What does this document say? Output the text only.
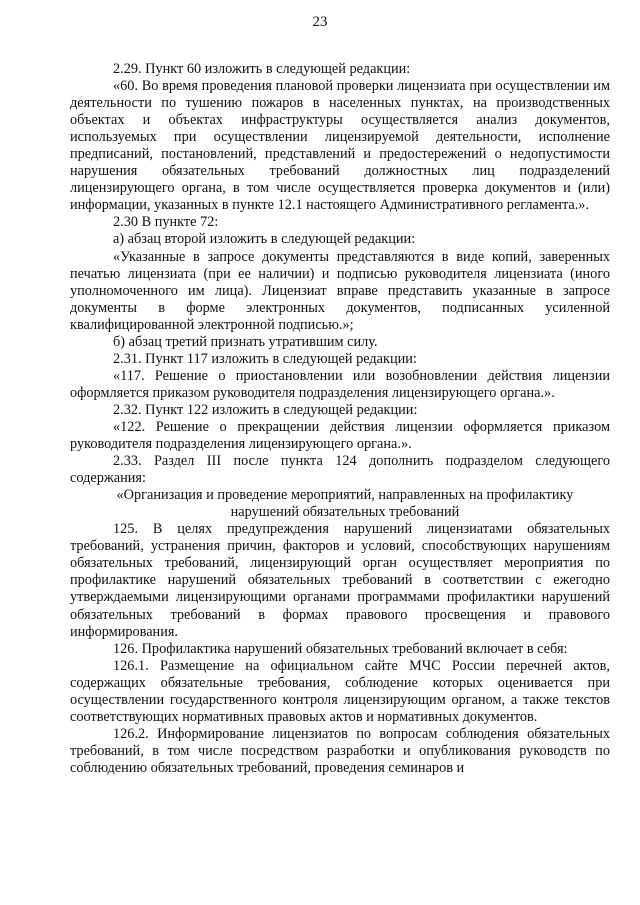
23

2.29. Пункт 60 изложить в следующей редакции:

«60. Во время проведения плановой проверки лицензиата при осуществлении им деятельности по тушению пожаров в населенных пунктах, на производственных объектах и объектах инфраструктуры осуществляется анализ документов, используемых при осуществлении лицензируемой деятельности, исполнение предписаний, постановлений, представлений и предостережений о недопустимости нарушения обязательных требований должностных лиц подразделений лицензирующего органа, в том числе осуществляется проверка документов и (или) информации, указанных в пункте 12.1 настоящего Административного регламента.».

2.30 В пункте 72:

а) абзац второй изложить в следующей редакции:

«Указанные в запросе документы представляются в виде копий, заверенных печатью лицензиата (при ее наличии) и подписью руководителя лицензиата (иного уполномоченного им лица). Лицензиат вправе представить указанные в запросе документы в форме электронных документов, подписанных усиленной квалифицированной электронной подписью.»;

б) абзац третий признать утратившим силу.

2.31. Пункт 117 изложить в следующей редакции:

«117. Решение о приостановлении или возобновлении действия лицензии оформляется приказом руководителя подразделения лицензирующего органа.».

2.32. Пункт 122 изложить в следующей редакции:

«122. Решение о прекращении действия лицензии оформляется приказом руководителя подразделения лицензирующего органа.».

2.33. Раздел III после пункта 124 дополнить подразделом следующего содержания:

«Организация и проведение мероприятий, направленных на профилактику
нарушений обязательных требований

125. В целях предупреждения нарушений лицензиатами обязательных требований, устранения причин, факторов и условий, способствующих нарушениям обязательных требований, лицензирующий орган осуществляет мероприятия по профилактике нарушений обязательных требований в соответствии с ежегодно утверждаемыми лицензирующими органами программами профилактики нарушений обязательных требований в формах правового просвещения и правового информирования.

126. Профилактика нарушений обязательных требований включает в себя:

126.1. Размещение на официальном сайте МЧС России перечней актов, содержащих обязательные требования, соблюдение которых оценивается при осуществлении государственного контроля лицензирующим органом, а также текстов соответствующих нормативных правовых актов и нормативных документов.

126.2. Информирование лицензиатов по вопросам соблюдения обязательных требований, в том числе посредством разработки и опубликования руководств по соблюдению обязательных требований, проведения семинаров и
